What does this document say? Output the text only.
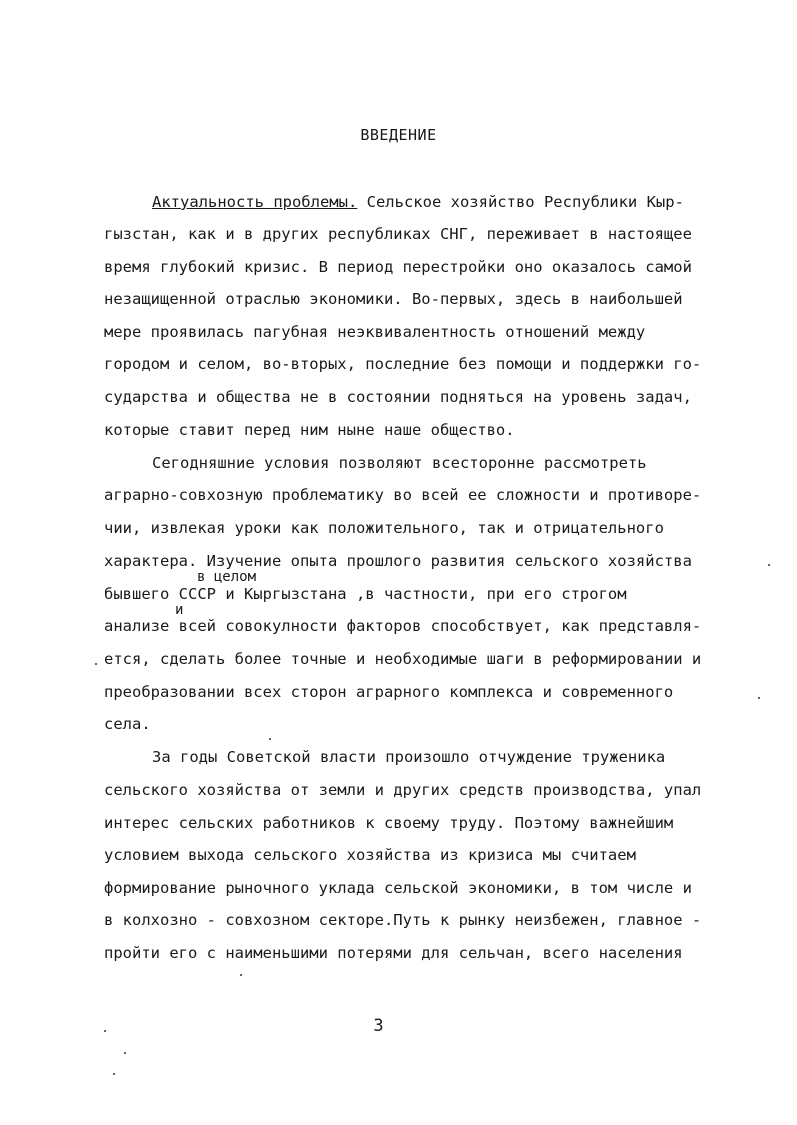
ВВЕДЕНИЕ
Актуальность проблемы. Сельское хозяйство Республики Кыр-
гызстан, как и в других республиках СНГ, переживает в настоящее
время глубокий кризис. В период перестройки оно оказалось самой
незащищенной отраслью экономики. Во-первых, здесь в наибольшей
мере проявилась пагубная неэквивалентность отношений между
городом и селом, во-вторых, последние без помощи и поддержки го-
сударства и общества не в состоянии подняться на уровень задач,
которые ставит перед ним ныне наше общество.
Сегодняшние условия позволяют всесторонне рассмотреть
аграрно-совхозную проблематику во всей ее сложности и противоре-
чии, извлекая уроки как положительного, так и отрицательного
характера. Изучение опыта прошлого развития сельского хозяйства
в целом
бывшего СССР и Кыргызстана ,в частности, при его строгом
и
анализе всей совокулности факторов способствует, как представля-
ется, сделать более точные и необходимые шаги в реформировании и
преобразовании всех сторон аграрного комплекса и современного
села.
За годы Советской власти произошло отчуждение труженика
сельского хозяйства от земли и других средств производства, упал
интерес сельских работников к своему труду. Поэтому важнейшим
условием выхода сельского хозяйства из кризиса мы считаем
формирование рыночного уклада сельской экономики, в том числе и
в колхозно - совхозном секторе.Путь к рынку неизбежен, главное -
пройти его с наименьшими потерями для сельчан, всего населения
3
